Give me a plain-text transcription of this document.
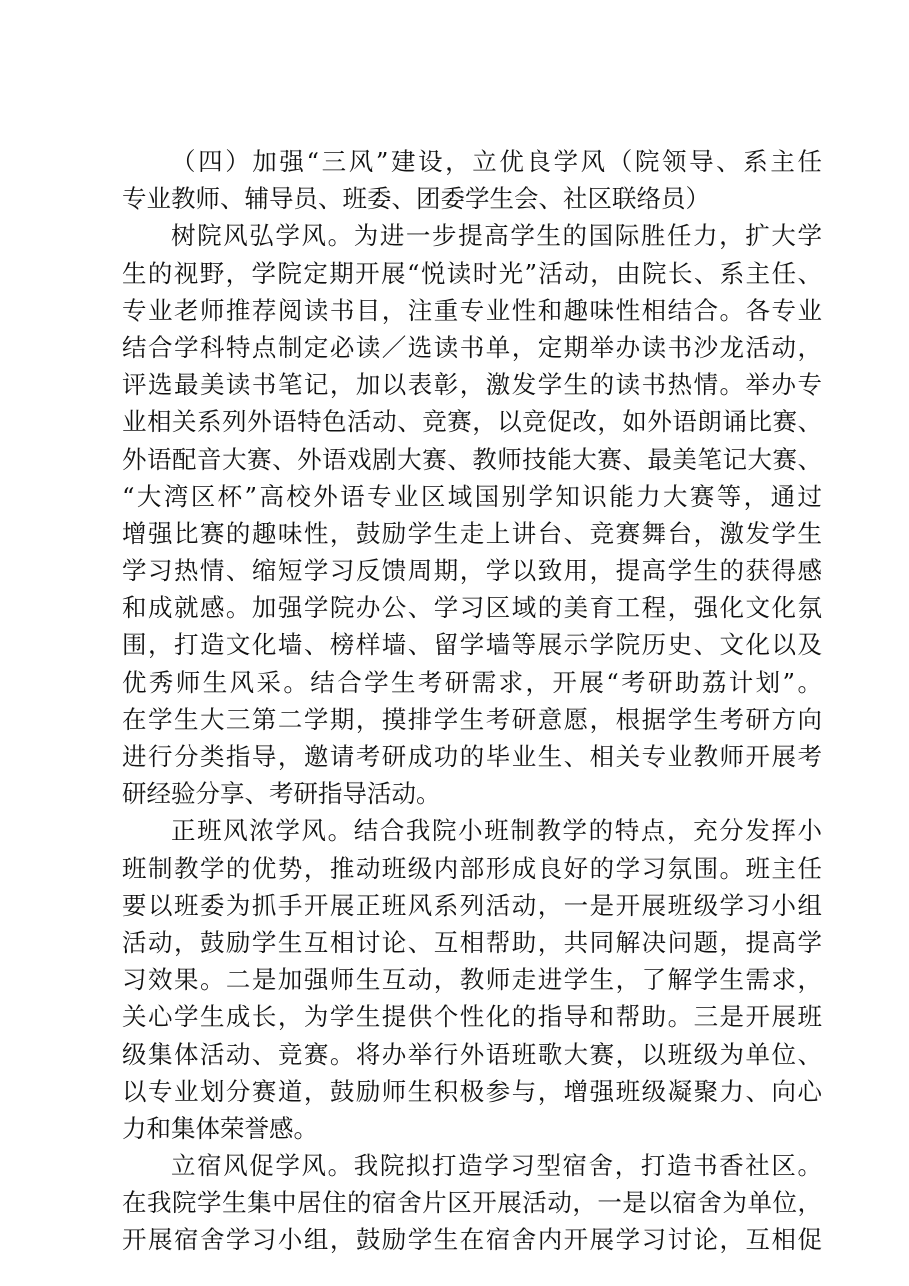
（四）加强“三风”建设，立优良学风（院领导、系主任
专业教师、辅导员、班委、团委学生会、社区联络员）
树院风弘学风。为进一步提高学生的国际胜任力，扩大学
生的视野，学院定期开展“悦读时光”活动，由院长、系主任、
专业老师推荐阅读书目，注重专业性和趣味性相结合。各专业
结合学科特点制定必读／选读书单，定期举办读书沙龙活动，
评选最美读书笔记，加以表彰，激发学生的读书热情。举办专
业相关系列外语特色活动、竞赛，以竞促改，如外语朗诵比赛、
外语配音大赛、外语戏剧大赛、教师技能大赛、最美笔记大赛、
“大湾区杯”高校外语专业区域国别学知识能力大赛等，通过
增强比赛的趣味性，鼓励学生走上讲台、竞赛舞台，激发学生
学习热情、缩短学习反馈周期，学以致用，提高学生的获得感
和成就感。加强学院办公、学习区域的美育工程，强化文化氛
围，打造文化墙、榜样墙、留学墙等展示学院历史、文化以及
优秀师生风采。结合学生考研需求，开展“考研助荔计划”。
在学生大三第二学期，摸排学生考研意愿，根据学生考研方向
进行分类指导，邀请考研成功的毕业生、相关专业教师开展考
研经验分享、考研指导活动。
正班风浓学风。结合我院小班制教学的特点，充分发挥小
班制教学的优势，推动班级内部形成良好的学习氛围。班主任
要以班委为抓手开展正班风系列活动，一是开展班级学习小组
活动，鼓励学生互相讨论、互相帮助，共同解决问题，提高学
习效果。二是加强师生互动，教师走进学生，了解学生需求，
关心学生成长，为学生提供个性化的指导和帮助。三是开展班
级集体活动、竞赛。将办举行外语班歌大赛，以班级为单位、
以专业划分赛道，鼓励师生积极参与，增强班级凝聚力、向心
力和集体荣誉感。
立宿风促学风。我院拟打造学习型宿舍，打造书香社区。
在我院学生集中居住的宿舍片区开展活动，一是以宿舍为单位，
开展宿舍学习小组，鼓励学生在宿舍内开展学习讨论，互相促
